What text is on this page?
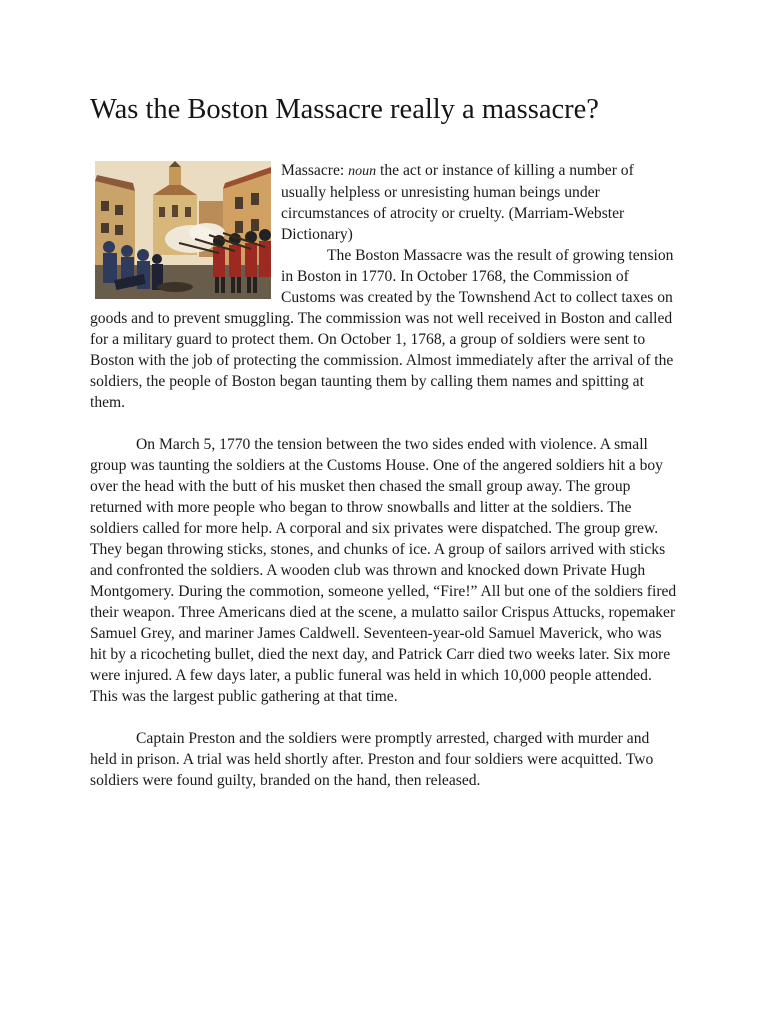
Was the Boston Massacre really a massacre?

Massacre: noun the act or instance of killing a number of usually helpless or unresisting human beings under circumstances of atrocity or cruelty. (Marriam-Webster Dictionary)

The Boston Massacre was the result of growing tension in Boston in 1770. In October 1768, the Commission of Customs was created by the Townshend Act to collect taxes on goods and to prevent smuggling. The commission was not well received in Boston and called for a military guard to protect them. On October 1, 1768, a group of soldiers were sent to Boston with the job of protecting the commission. Almost immediately after the arrival of the soldiers, the people of Boston began taunting them by calling them names and spitting at them.

On March 5, 1770 the tension between the two sides ended with violence. A small group was taunting the soldiers at the Customs House. One of the angered soldiers hit a boy over the head with the butt of his musket then chased the small group away. The group returned with more people who began to throw snowballs and litter at the soldiers. The soldiers called for more help. A corporal and six privates were dispatched. The group grew. They began throwing sticks, stones, and chunks of ice. A group of sailors arrived with sticks and confronted the soldiers. A wooden club was thrown and knocked down Private Hugh Montgomery. During the commotion, someone yelled, “Fire!” All but one of the soldiers fired their weapon. Three Americans died at the scene, a mulatto sailor Crispus Attucks, ropemaker Samuel Grey, and mariner James Caldwell. Seventeen-year-old Samuel Maverick, who was hit by a ricocheting bullet, died the next day, and Patrick Carr died two weeks later. Six more were injured. A few days later, a public funeral was held in which 10,000 people attended. This was the largest public gathering at that time.

Captain Preston and the soldiers were promptly arrested, charged with murder and held in prison. A trial was held shortly after. Preston and four soldiers were acquitted. Two soldiers were found guilty, branded on the hand, then released.
